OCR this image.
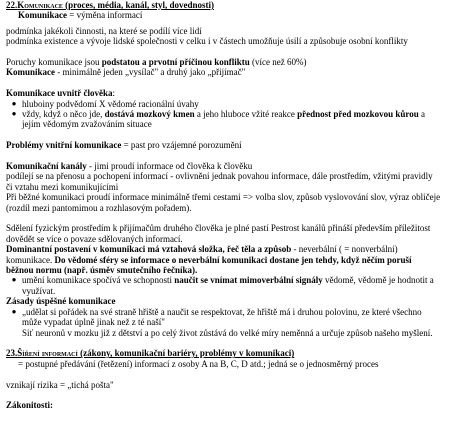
22.Komunikace (proces, média, kanál, styl, dovednosti)
Komunikace = výměna informací
podmínka jakékoli činnosti, na které se podílí více lidí
podmínka existence a vývoje lidské společnosti v celku i v částech umožňuje úsilí a způsobuje osobní konflikty
Poruchy komunikace jsou podstatou a prvotní příčinou konfliktu (více než 60%)
Komunikace - minimálně jeden „vysílač" a druhý jako „přijímač"
Komunikace uvnitř člověka:
● hluboiny podvědomí X vědomé racionální úvahy
● vždy, když o něco jde, dostává mozkový kmen a jeho hluboce vžité reakce přednost před mozkovou kůrou a
jejím vědomým zvažováním situace
Problémy vnitřní komunikace = past pro vzájemné porozumění
Komunikační kanály - jimi proudí informace od člověka k člověku
podílejí se na přenosu a pochopení informací - ovlivnění jednak povahou informace, dále prostředím, vžitými pravidly
či vztahu mezi komunikujícími
Při běžné komunikaci proudí informace minimálně třemi cestami => volba slov, způsob vyslovování slov, výraz obličeje
(rozdíl mezi pantomimou a rozhlasovým pořadem).
Sdělení fyzickým prostředím k přijímačům druhého člověka je plné pastí Pestrost kanálů přináší především příležitost
dovědět se více o povaze sdělovaných informací.
Dominantní postavení v komunikaci má vztahová složka, řeč těla a způsob - neverbální ( = nonverbální)
komunikace. Do vědomé sféry se informace o neverbální komunikaci dostane jen tehdy, když něčím poruší
běžnou normu (např. úsměv smutečního řečníka).
● umění komunikace spočívá ve schopnosti naučit se vnímat mimoverbální signály vědomě, vědomě je hodnotit a
využívat.
Zásady úspěšné komunikace
● „udělat si pořádek na své straně hřiště a naučit se respektovat, že hřiště má i druhou polovinu, ze které všechno
může vypadat úplně jinak než z té naší"
Síť neuronů v mozku již z dětství a po celý život zůstává do velké míry neměnná a určuje způsob našeho myšlení.
23.Šíření informací (zákony, komunikační bariéry, problémy v komunikaci)
= postupné předávání (řetězení) informací z osoby A na B, C, D atd.; jedná se o jednosměrný proces
vznikají rizika = „tichá pošta"
Zákonitosti:
